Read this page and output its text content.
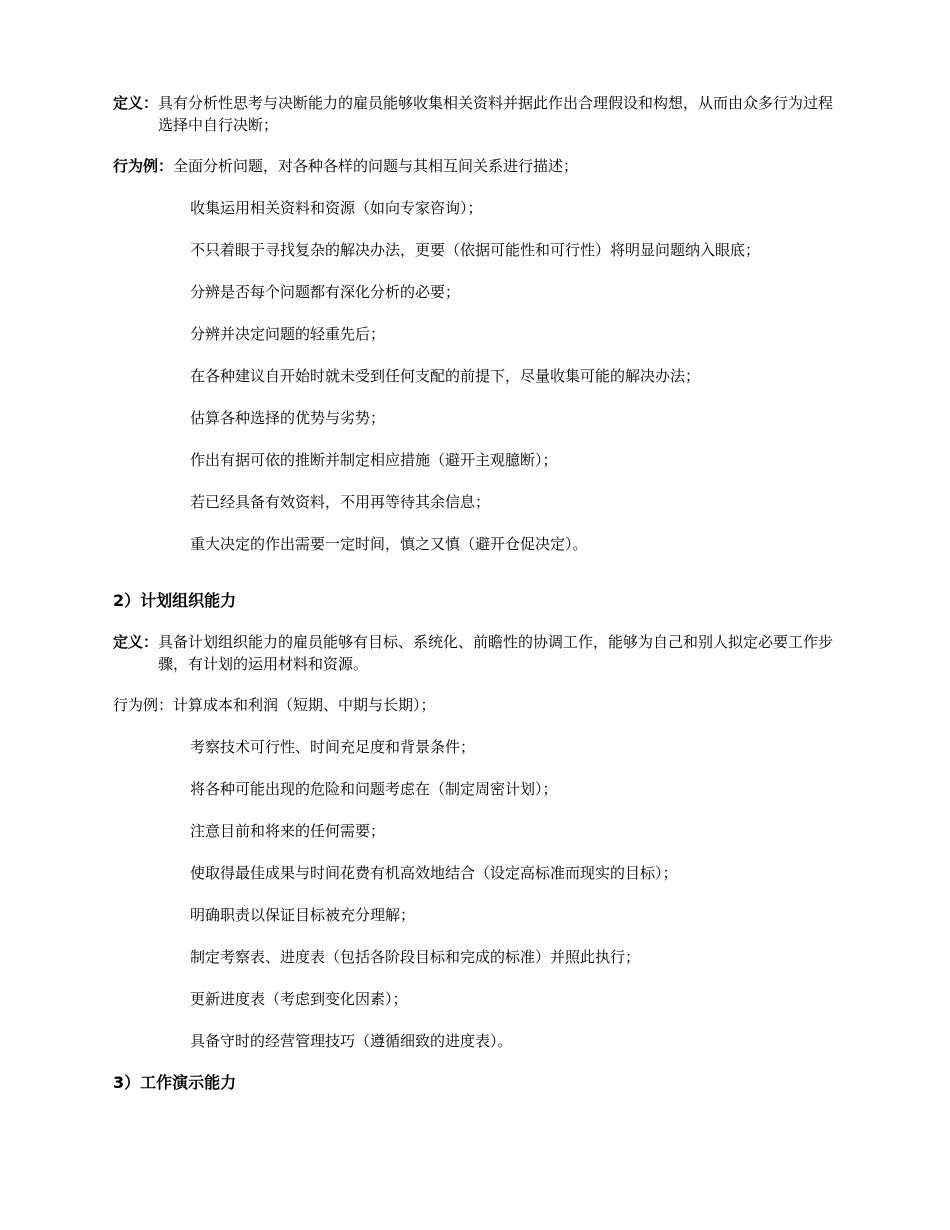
定义：具有分析性思考与决断能力的雇员能够收集相关资料并据此作出合理假设和构想，从而由众多行为过程选择中自行决断；

行为例：全面分析问题，对各种各样的问题与其相互间关系进行描述；

收集运用相关资料和资源（如向专家咨询）；

不只着眼于寻找复杂的解决办法，更要（依据可能性和可行性）将明显问题纳入眼底；

分辨是否每个问题都有深化分析的必要；

分辨并决定问题的轻重先后；

在各种建议自开始时就未受到任何支配的前提下，尽量收集可能的解决办法；

估算各种选择的优势与劣势；

作出有据可依的推断并制定相应措施（避开主观臆断）；

若已经具备有效资料，不用再等待其余信息；

重大决定的作出需要一定时间，慎之又慎（避开仓促决定）。

2）计划组织能力

定义：具备计划组织能力的雇员能够有目标、系统化、前瞻性的协调工作，能够为自己和别人拟定必要工作步骤，有计划的运用材料和资源。

行为例：计算成本和利润（短期、中期与长期）；

考察技术可行性、时间充足度和背景条件；

将各种可能出现的危险和问题考虑在（制定周密计划）；

注意目前和将来的任何需要；

使取得最佳成果与时间花费有机高效地结合（设定高标准而现实的目标）；

明确职责以保证目标被充分理解；

制定考察表、进度表（包括各阶段目标和完成的标准）并照此执行；

更新进度表（考虑到变化因素）；

具备守时的经营管理技巧（遵循细致的进度表）。

3）工作演示能力
